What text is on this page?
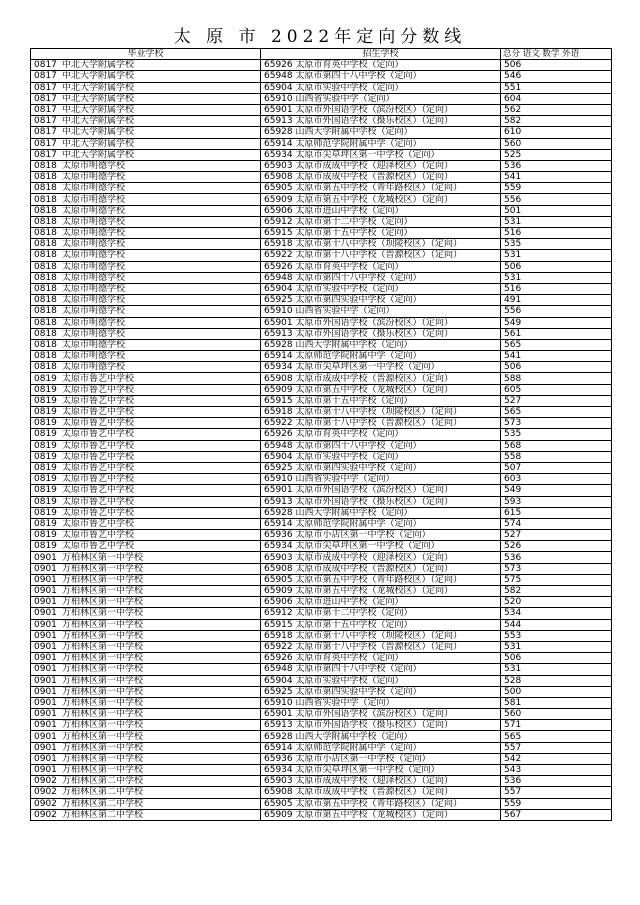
太 原 市 2022年定向分数线
毕业学校	招生学校	总分 语文 数学 外语
0817 中北大学附属学校	65926 太原市育英中学校（定向）	506
0817 中北大学附属学校	65948 太原市第四十八中学校（定向）	546
0817 中北大学附属学校	65904 太原市实验中学校（定向）	551
0817 中北大学附属学校	65910 山西省实验中学（定向）	604
0817 中北大学附属学校	65901 太原市外国语学校（滨汾校区）（定向）	562
0817 中北大学附属学校	65913 太原市外国语学校（摄乐校区）（定向）	582
0817 中北大学附属学校	65928 山西大学附属中学校（定向）	610
0817 中北大学附属学校	65914 太原师范学院附属中学（定向）	560
0817 中北大学附属学校	65934 太原市尖草坪区第一中学校（定向）	525
0818 太原市明德学校	65903 太原市成成中学校（迎泽校区）（定向）	536
0818 太原市明德学校	65908 太原市成成中学校（晋源校区）（定向）	541
0818 太原市明德学校	65905 太原市第五中学校（青年路校区）（定向）	559
0818 太原市明德学校	65909 太原市第五中学校（龙城校区）（定向）	556
0818 太原市明德学校	65906 太原市进山中学校（定向）	501
0818 太原市明德学校	65912 太原市第十二中学校（定向）	531
0818 太原市明德学校	65915 太原市第十五中学校（定向）	516
0818 太原市明德学校	65918 太原市第十八中学校（坝陵校区）（定向）	535
0818 太原市明德学校	65922 太原市第十八中学校（晋源校区）（定向）	531
0818 太原市明德学校	65926 太原市育英中学校（定向）	506
0818 太原市明德学校	65948 太原市第四十八中学校（定向）	531
0818 太原市明德学校	65904 太原市实验中学校（定向）	516
0818 太原市明德学校	65925 太原市第四实验中学校（定向）	491
0818 太原市明德学校	65910 山西省实验中学（定向）	556
0818 太原市明德学校	65901 太原市外国语学校（滨汾校区）（定向）	549
0818 太原市明德学校	65913 太原市外国语学校（摄乐校区）（定向）	561
0818 太原市明德学校	65928 山西大学附属中学校（定向）	565
0818 太原市明德学校	65914 太原师范学院附属中学（定向）	541
0818 太原市明德学校	65934 太原市尖草坪区第一中学校（定向）	506
0819 太原市鲁艺中学校	65908 太原市成成中学校（晋源校区）（定向）	588
0819 太原市鲁艺中学校	65909 太原市第五中学校（龙城校区）（定向）	605
0819 太原市鲁艺中学校	65915 太原市第十五中学校（定向）	527
0819 太原市鲁艺中学校	65918 太原市第十八中学校（坝陵校区）（定向）	565
0819 太原市鲁艺中学校	65922 太原市第十八中学校（晋源校区）（定向）	573
0819 太原市鲁艺中学校	65926 太原市育英中学校（定向）	535
0819 太原市鲁艺中学校	65948 太原市第四十八中学校（定向）	568
0819 太原市鲁艺中学校	65904 太原市实验中学校（定向）	558
0819 太原市鲁艺中学校	65925 太原市第四实验中学校（定向）	507
0819 太原市鲁艺中学校	65910 山西省实验中学（定向）	603
0819 太原市鲁艺中学校	65901 太原市外国语学校（滨汾校区）（定向）	549
0819 太原市鲁艺中学校	65913 太原市外国语学校（摄乐校区）（定向）	593
0819 太原市鲁艺中学校	65928 山西大学附属中学校（定向）	615
0819 太原市鲁艺中学校	65914 太原师范学院附属中学（定向）	574
0819 太原市鲁艺中学校	65936 太原市小店区第一中学校（定向）	527
0819 太原市鲁艺中学校	65934 太原市尖草坪区第一中学校（定向）	526
0901 万柏林区第一中学校	65903 太原市成成中学校（迎泽校区）（定向）	536
0901 万柏林区第一中学校	65908 太原市成成中学校（晋源校区）（定向）	573
0901 万柏林区第一中学校	65905 太原市第五中学校（青年路校区）（定向）	575
0901 万柏林区第一中学校	65909 太原市第五中学校（龙城校区）（定向）	582
0901 万柏林区第一中学校	65906 太原市进山中学校（定向）	520
0901 万柏林区第一中学校	65912 太原市第十二中学校（定向）	534
0901 万柏林区第一中学校	65915 太原市第十五中学校（定向）	544
0901 万柏林区第一中学校	65918 太原市第十八中学校（坝陵校区）（定向）	553
0901 万柏林区第一中学校	65922 太原市第十八中学校（晋源校区）（定向）	531
0901 万柏林区第一中学校	65926 太原市育英中学校（定向）	506
0901 万柏林区第一中学校	65948 太原市第四十八中学校（定向）	531
0901 万柏林区第一中学校	65904 太原市实验中学校（定向）	528
0901 万柏林区第一中学校	65925 太原市第四实验中学校（定向）	500
0901 万柏林区第一中学校	65910 山西省实验中学（定向）	581
0901 万柏林区第一中学校	65901 太原市外国语学校（滨汾校区）（定向）	560
0901 万柏林区第一中学校	65913 太原市外国语学校（摄乐校区）（定向）	571
0901 万柏林区第一中学校	65928 山西大学附属中学校（定向）	565
0901 万柏林区第一中学校	65914 太原师范学院附属中学（定向）	557
0901 万柏林区第一中学校	65936 太原市小店区第一中学校（定向）	542
0901 万柏林区第一中学校	65934 太原市尖草坪区第一中学校（定向）	543
0902 万柏林区第二中学校	65903 太原市成成中学校（迎泽校区）（定向）	536
0902 万柏林区第二中学校	65908 太原市成成中学校（晋源校区）（定向）	557
0902 万柏林区第二中学校	65905 太原市第五中学校（青年路校区）（定向）	559
0902 万柏林区第二中学校	65909 太原市第五中学校（龙城校区）（定向）	567
